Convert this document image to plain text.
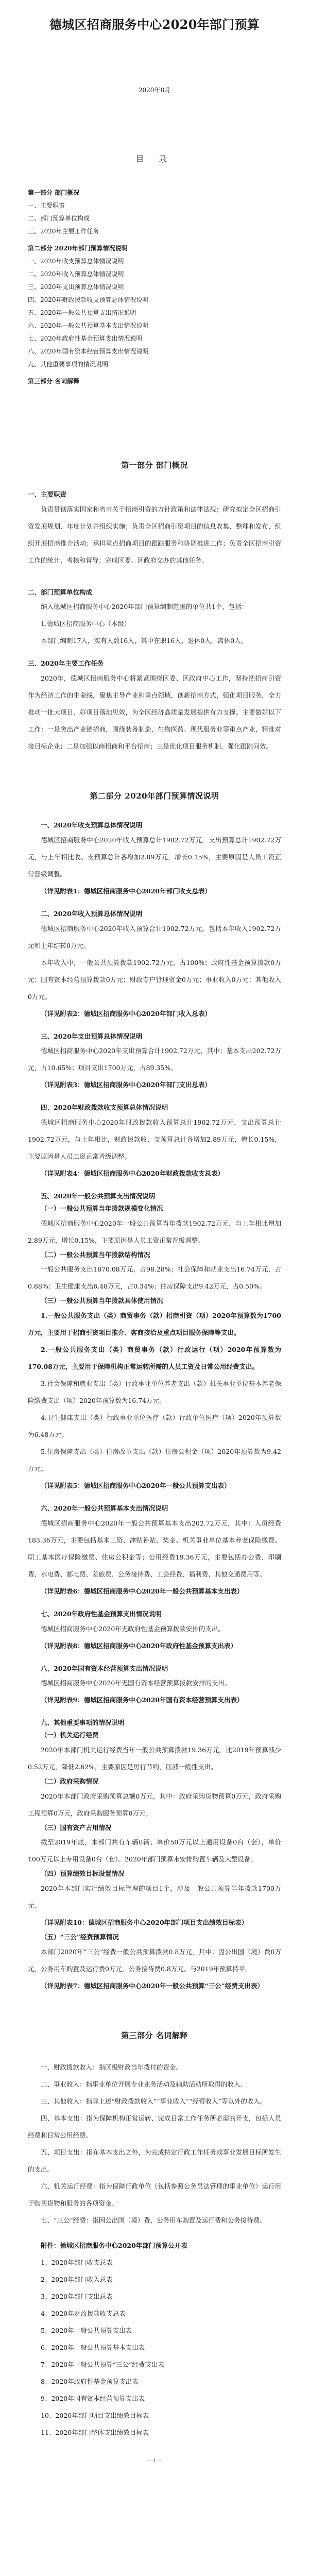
德城区招商服务中心2020年部门预算
2020年8月
目 录
第一部分 部门概况
一、主要职责
二、部门预算单位构成
三、2020年主要工作任务
第二部分 2020年部门预算情况说明
一、2020年收支预算总体情况说明
二、2020年收入预算总体情况说明
三、2020年支出预算总体情况说明
四、2020年财政拨款收支预算总体情况说明
五、2020年一般公共预算支出情况说明
六、2020年一般公共预算基本支出情况说明
七、2020年政府性基金预算支出情况说明
八、2020年国有资本经营预算支出情况说明
九、其他重要事项的情况说明
第三部分 名词解释
第一部分 部门概况
一、主要职责

负责贯彻落实国家和省市关于招商引资的方针政策和法律法规；研究拟定全区招商引资发展规划、年度计划并组织实施；负责全区招商引资项目的信息收集、整理和发布，组织开展招商推介活动；承担重点招商项目的跟踪服务和协调推进工作；负责全区招商引资工作的统计、考核和督导；完成区委、区政府交办的其他任务。

二、部门预算单位构成

纳入德城区招商服务中心2020年部门预算编制范围的单位共1个，包括：

1.德城区招商服务中心（本级）

本部门编制17人，实有人数16人，其中在职16人，退休0人，离休0人。

三、2020年主要工作任务

2020年，德城区招商服务中心将紧紧围绕区委、区政府中心工作，坚持把招商引资作为经济工作的生命线，聚焦主导产业和重点领域，创新招商方式，强化项目服务，全力推动一批大项目、好项目落地见效，为全区经济高质量发展提供有力支撑。主要做好以下工作：一是突出产业链招商，围绕装备制造、生物医药、现代服务业等重点产业，精准对接目标企业；二是加强以商招商和平台招商；三是优化项目服务机制，强化跟踪问效。

第二部分 2020年部门预算情况说明
一、2020年收支预算总体情况说明

德城区招商服务中心2020年收入预算总计1902.72万元，支出预算总计1902.72万元，与上年相比收、支预算总计各增加2.89万元，增长0.15%，主要原因是人员工资正常晋级调整。

（详见附表1：德城区招商服务中心2020年部门收支总表）

二、2020年收入预算总体情况说明

德城区招商服务中心2020年收入预算合计1902.72万元，包括本年收入1902.72万元和上年结转0万元。

本年收入中，一般公共预算拨款1902.72万元，占100%；政府性基金预算拨款0万元；国有资本经营预算拨款0万元；财政专户管理资金0万元；事业收入0万元；其他收入0万元。

（详见附表2：德城区招商服务中心2020年部门收入总表）

三、2020年支出预算总体情况说明

德城区招商服务中心2020年支出预算合计1902.72万元，其中：基本支出202.72万元，占10.65%；项目支出1700万元，占89.35%。

（详见附表3：德城区招商服务中心2020年部门支出总表）

四、2020年财政拨款收支预算总体情况说明

德城区招商服务中心2020年财政拨款收入预算总计1902.72万元，支出预算总计1902.72万元，与上年相比，财政拨款收、支预算总计各增加2.89万元，增长0.15%，主要原因是人员工资正常晋级调整。

（详见附表4：德城区招商服务中心2020年财政拨款收支总表）

五、2020年一般公共预算支出情况说明
（一）一般公共预算当年拨款规模变化情况

德城区招商服务中心2020年一般公共预算当年拨款1902.72万元，与上年相比增加2.89万元，增长0.15%，主要原因是人员工资正常晋级调整。

（二）一般公共预算当年拨款结构情况

一般公共服务支出1870.08万元，占98.28%；社会保障和就业支出16.74万元，占0.88%；卫生健康支出6.48万元，占0.34%；住房保障支出9.42万元，占0.50%。

（三）一般公共预算当年拨款具体使用情况

1.一般公共服务支出（类）商贸事务（款）招商引资（项）2020年预算数为1700万元，主要用于招商引资项目推介、客商接洽及重点项目服务保障等支出。

2.一般公共服务支出（类）商贸事务（款）行政运行（项）2020年预算数为170.08万元，主要用于保障机构正常运转所需的人员工资及日常公用经费支出。

3.社会保障和就业支出（类）行政事业单位养老支出（款）机关事业单位基本养老保险缴费支出（项）2020年预算数为16.74万元。

4.卫生健康支出（类）行政事业单位医疗（款）行政单位医疗（项）2020年预算数为6.48万元。

5.住房保障支出（类）住房改革支出（款）住房公积金（项）2020年预算数为9.42万元。

（详见附表5：德城区招商服务中心2020年一般公共预算支出表）

六、2020年一般公共预算基本支出情况说明

德城区招商服务中心2020年一般公共预算基本支出202.72万元，其中：人员经费183.36万元，主要包括基本工资、津贴补贴、奖金、机关事业单位基本养老保险缴费、职工基本医疗保险缴费、住房公积金等；公用经费19.36万元，主要包括办公费、印刷费、水电费、邮电费、差旅费、公务接待费、工会经费、福利费、其他交通费用等。

（详见附表6：德城区招商服务中心2020年一般公共预算基本支出表）

七、2020年政府性基金预算支出情况说明

德城区招商服务中心2020年无政府性基金预算拨款安排的支出。

（详见附表8：德城区招商服务中心2020年政府性基金预算支出表）

八、2020年国有资本经营预算支出情况说明

德城区招商服务中心2020年无国有资本经营预算拨款安排的支出。

（详见附表9：德城区招商服务中心2020年国有资本经营预算支出表）

九、其他重要事项的情况说明
（一）机关运行经费

2020年本部门机关运行经费当年一般公共预算拨款19.36万元，比2019年预算减少0.52万元，降低2.62%，主要原因是厉行节约，压减一般性支出。

（二）政府采购情况

2020年本部门政府采购预算总额0万元，其中：政府采购货物预算0万元，政府采购工程预算0万元，政府采购服务预算0万元。

（三）国有资产占用情况

截至2019年底，本部门共有车辆0辆；单价50万元以上通用设备0台（套），单价100万元以上专用设备0台（套）。2020年部门预算未安排购置车辆及大型设备。

（四）预算绩效目标设置情况

2020年本部门实行绩效目标管理的项目1个，涉及一般公共预算当年拨款1700万元。

（详见附表10：德城区招商服务中心2020年部门项目支出绩效目标表）

（五）“三公”经费预算情况

本部门2020年“三公”经费一般公共预算拨款0.8万元，其中：因公出国（境）费0万元，公务用车购置及运行费0万元，公务接待费0.8万元。与2019年预算持平。

（详见附表7：德城区招商服务中心2020年一般公共预算“三公”经费支出表）

第三部分 名词解释

一、财政拨款收入：指区级财政当年拨付的资金。

二、事业收入：指事业单位开展专业业务活动及辅助活动所取得的收入。

三、其他收入：指除上述“财政拨款收入”“事业收入”“经营收入”等以外的收入。

四、基本支出：指为保障机构正常运转、完成日常工作任务所必需的开支，包括人员经费和日常公用经费。

五、项目支出：指在基本支出之外，为完成特定行政工作任务或事业发展目标所发生的支出。

六、机关运行经费：指为保障行政单位（包括参照公务员法管理的事业单位）运行用于购买货物和服务的各项资金。

七、“三公”经费：指因公出国（境）费、公务用车购置及运行费和公务接待费。

附件：德城区招商服务中心2020年部门预算公开表

1、2020年部门收支总表

2、2020年部门收入总表

3、2020年部门支出总表

4、2020年财政拨款收支总表

5、2020年一般公共预算支出表

6、2020年一般公共预算基本支出表

7、2020年一般公共预算“三公”经费支出表

8、2020年政府性基金预算支出表

9、2020年国有资本经营预算支出表

10、2020年部门项目支出绩效目标表

11、2020年部门整体支出绩效目标表

— 1 —
